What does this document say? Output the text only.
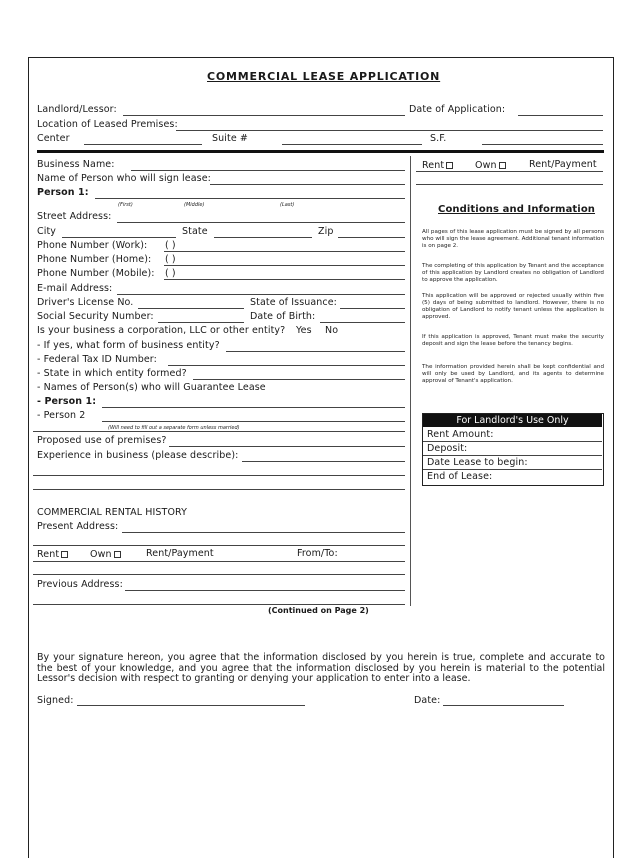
COMMERCIAL LEASE APPLICATION
Landlord/Lessor:	Date of Application:
Location of Leased Premises:
Center	Suite #	S.F.
Business Name:
Name of Person who will sign lease:
Person 1:
(First)	(Middle)	(Last)
Street Address:
City	State	Zip
Phone Number (Work): ( )
Phone Number (Home): ( )
Phone Number (Mobile): ( )
E-mail Address:
Driver's License No.	State of Issuance:
Social Security Number:	Date of Birth:
Is your business a corporation, LLC or other entity? Yes No
- If yes, what form of business entity?
- Federal Tax ID Number:
- State in which entity formed?
- Names of Person(s) who will Guarantee Lease
- Person 1:
- Person 2
(Will need to fill out a separate form unless married)
Proposed use of premises?
Experience in business (please describe):
COMMERCIAL RENTAL HISTORY
Present Address:
Rent	Own	Rent/Payment	From/To:
Previous Address:
(Continued on Page 2)
Rent	Own	Rent/Payment
Conditions and Information
All pages of this lease application must be signed by all persons who will sign the lease agreement. Additional tenant information is on page 2.
The completing of this application by Tenant and the acceptance of this application by Landlord creates no obligation of Landlord to approve the application.
This application will be approved or rejected usually within five (5) days of being submitted to landlord. However, there is no obligation of Landlord to notify tenant unless the application is approved.
If this application is approved, Tenant must make the security deposit and sign the lease before the tenancy begins.
The information provided herein shall be kept confidential and will only be used by Landlord, and its agents to determine approval of Tenant's application.
For Landlord's Use Only
Rent Amount:
Deposit:
Date Lease to begin:
End of Lease:
By your signature hereon, you agree that the information disclosed by you herein is true, complete and accurate to the best of your knowledge, and you agree that the information disclosed by you herein is material to the potential Lessor's decision with respect to granting or denying your application to enter into a lease.
Signed:	Date:
